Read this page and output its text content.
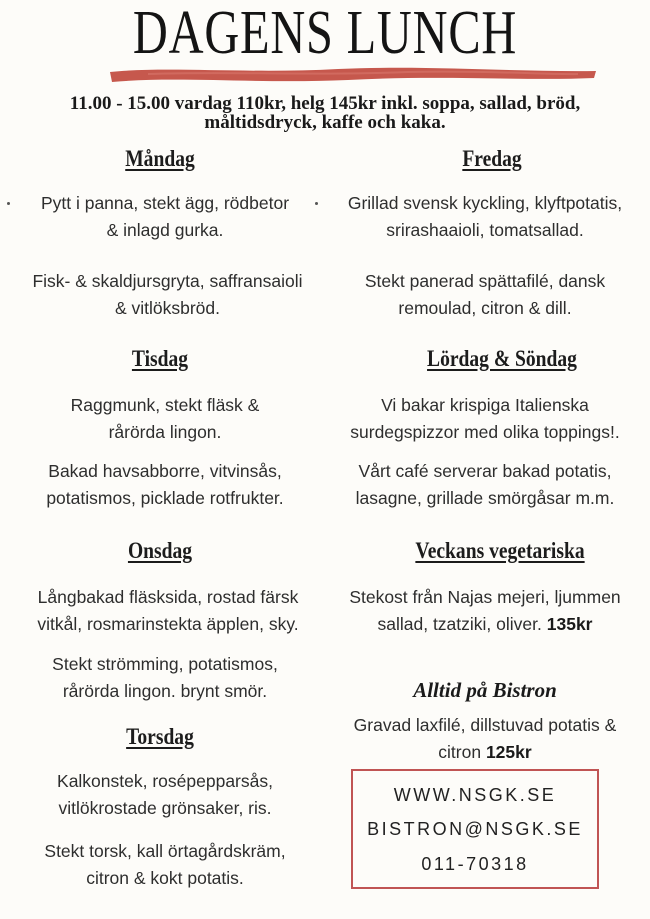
DAGENS LUNCH
11.00 - 15.00 vardag 110kr, helg 145kr inkl. soppa, sallad, bröd,
måltidsdryck, kaffe och kaka.
Måndag
Pytt i panna, stekt ägg, rödbetor
& inlagd gurka.
Fisk- & skaldjursgryta, saffransaioli
& vitlöksbröd.
Tisdag
Raggmunk, stekt fläsk &
rårörda lingon.
Bakad havsabborre, vitvinsås,
potatismos, picklade rotfrukter.
Onsdag
Långbakad fläsksida, rostad färsk
vitkål, rosmarinstekta äpplen, sky.
Stekt strömming, potatismos,
rårörda lingon. brynt smör.
Torsdag
Kalkonstek, rosépepparsås,
vitlökrostade grönsaker, ris.
Stekt torsk, kall örtagårdskräm,
citron & kokt potatis.
Fredag
Grillad svensk kyckling, klyftpotatis,
srirashaaioli, tomatsallad.
Stekt panerad spättafilé, dansk
remoulad, citron & dill.
Lördag & Söndag
Vi bakar krispiga Italienska
surdegspizzor med olika toppings!.
Vårt café serverar bakad potatis,
lasagne, grillade smörgåsar m.m.
Veckans vegetariska
Stekost från Najas mejeri, ljummen
sallad, tzatziki, oliver. 135kr
Alltid på Bistron
Gravad laxfilé, dillstuvad potatis &
citron 125kr
WWW.NSGK.SE
BISTRON@NSGK.SE
011-70318
